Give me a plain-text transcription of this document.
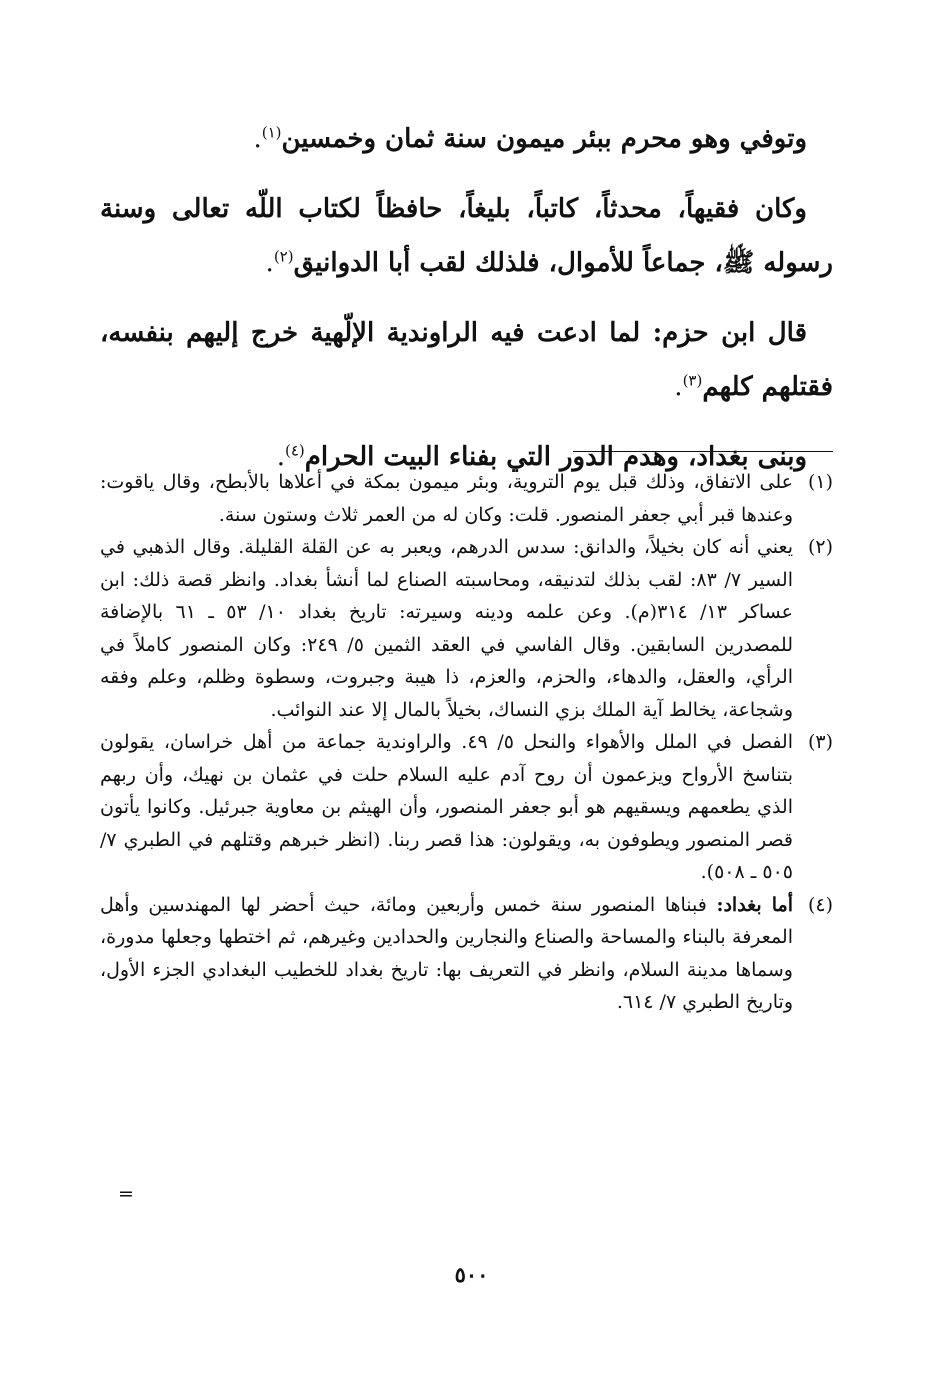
وتوفي وهو محرم ببئر ميمون سنة ثمان وخمسين$^{(١)}$.

وكان فقيهاً، محدثاً، كاتباً، بليغاً، حافظاً لكتاب اللّه تعالى وسنة رسوله ﷺ، جماعاً للأموال، فلذلك لقب أبا الدوانيق$^{(٢)}$.

قال ابن حزم: لما ادعت فيه الراوندية الإلّهية خرج إليهم بنفسه، فقتلهم كلهم$^{(٣)}$.

وبنى بغداد، وهدم الدور التي بفناء البيت الحرام$^{(٤)}$.

(١)
على الاتفاق، وذلك قبل يوم التروية، وبئر ميمون بمكة في أعلاها بالأبطح، وقال ياقوت: وعندها قبر أبي جعفر المنصور. قلت: وكان له من العمر ثلاث وستون سنة.

(٢)
يعني أنه كان بخيلاً، والدانق: سدس الدرهم، ويعبر به عن القلة القليلة. وقال الذهبي في السير ٧/ ٨٣: لقب بذلك لتدنيقه، ومحاسبته الصناع لما أنشأ بغداد. وانظر قصة ذلك: ابن عساكر ١٣/ ٣١٤(م). وعن علمه ودينه وسيرته: تاريخ بغداد ١٠/ ٥٣ ـ ٦١ بالإضافة للمصدرين السابقين. وقال الفاسي في العقد الثمين ٥/ ٢٤٩: وكان المنصور كاملاً في الرأي، والعقل، والدهاء، والحزم، والعزم، ذا هيبة وجبروت، وسطوة وظلم، وعلم وفقه وشجاعة، يخالط آية الملك بزي النساك، بخيلاً بالمال إلا عند النوائب.

(٣)
الفصل في الملل والأهواء والنحل ٥/ ٤٩. والراوندية جماعة من أهل خراسان، يقولون بتناسخ الأرواح ويزعمون أن روح آدم عليه السلام حلت في عثمان بن نهيك، وأن ربهم الذي يطعمهم ويسقيهم هو أبو جعفر المنصور، وأن الهيثم بن معاوية جبرئيل. وكانوا يأتون قصر المنصور ويطوفون به، ويقولون: هذا قصر ربنا. (انظر خبرهم وقتلهم في الطبري ٧/ ٥٠٥ ـ ٥٠٨).

(٤)
أما بغداد: فبناها المنصور سنة خمس وأربعين ومائة، حيث أحضر لها المهندسين وأهل المعرفة بالبناء والمساحة والصناع والنجارين والحدادين وغيرهم، ثم اختطها وجعلها مدورة، وسماها مدينة السلام، وانظر في التعريف بها: تاريخ بغداد للخطيب البغدادي الجزء الأول، وتاريخ الطبري ٧/ ٦١٤.

=
٥٠٠
